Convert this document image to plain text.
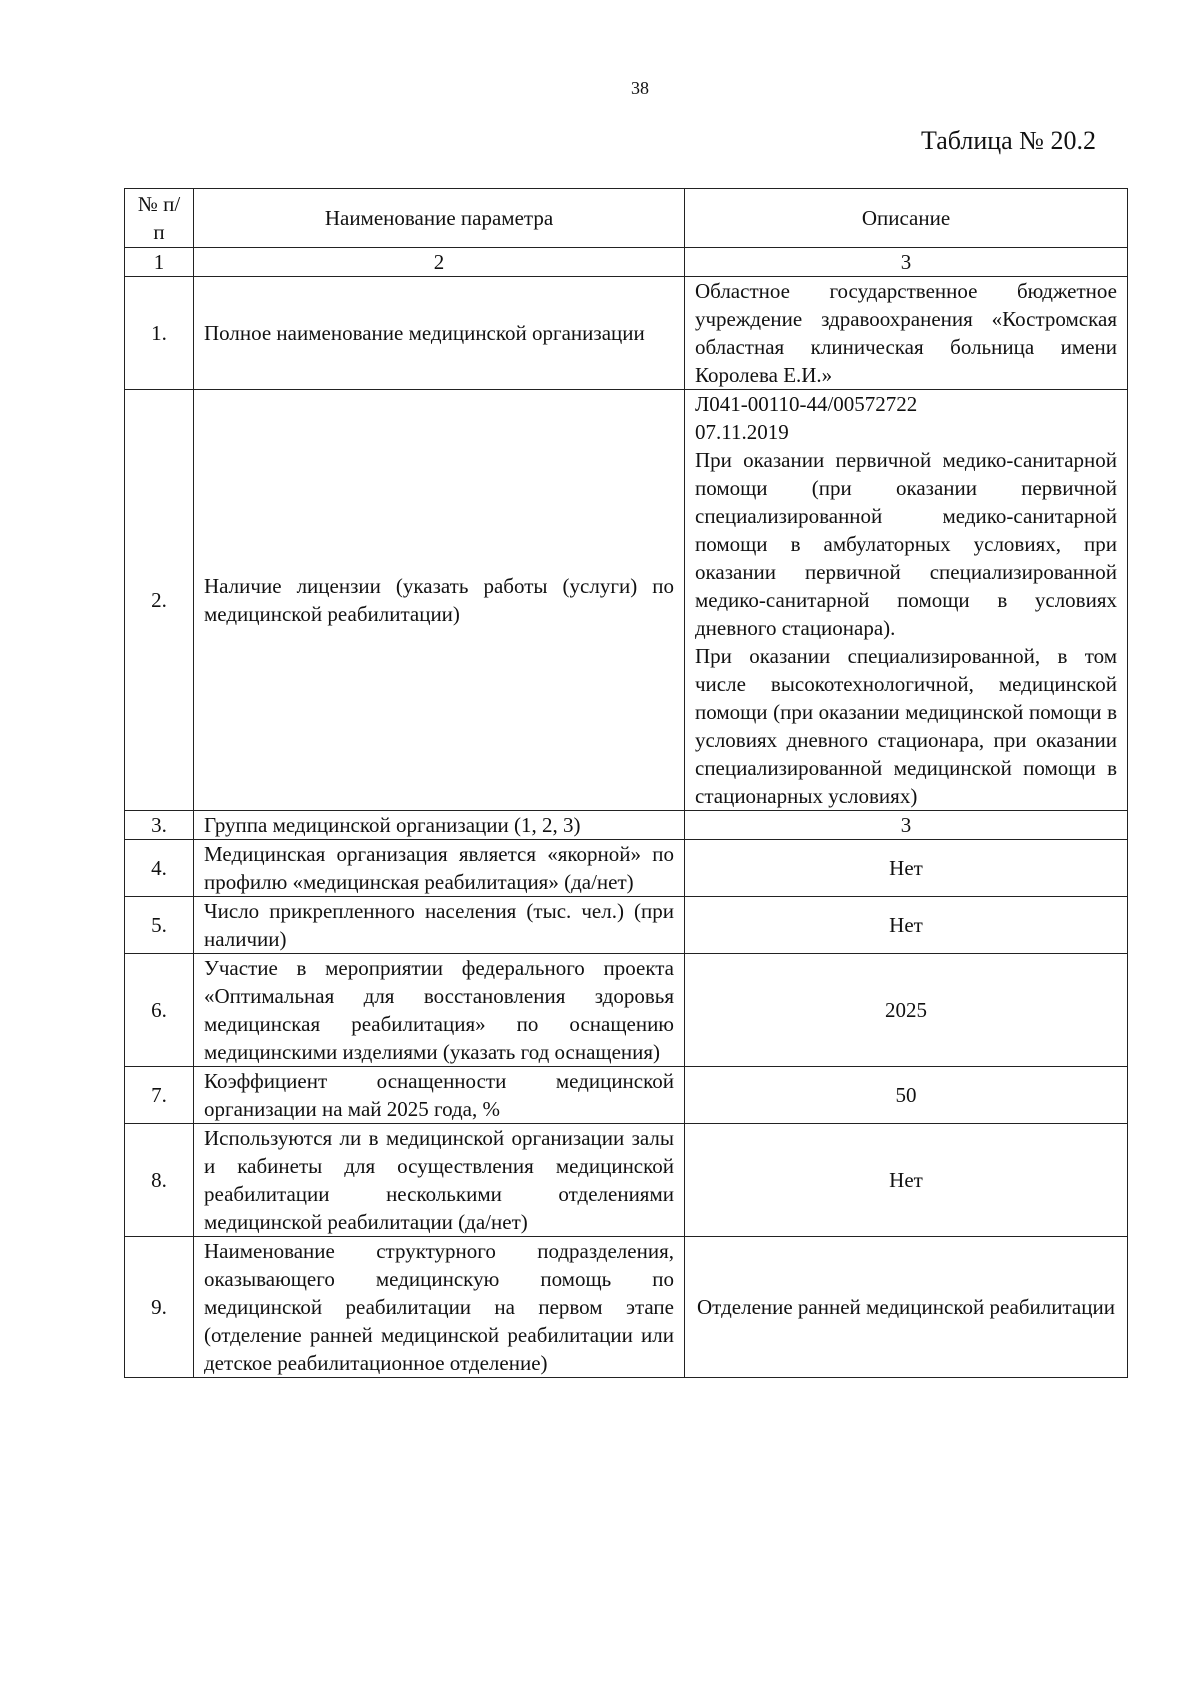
38
Таблица № 20.2
№ п/п	Наименование параметра	Описание
1	2	3
1.	Полное наименование медицинской организации	Областное государственное бюджетное учреждение здравоохранения «Костромская областная клиническая больница имени Королева Е.И.»

2.	Наличие лицензии (указать работы (услуги) по медицинской реабилитации)	Л041-00110-44/00572722
07.11.2019
При оказании первичной медико-санитарной помощи (при оказании первичной специализированной медико-санитарной помощи в амбулаторных условиях, при оказании первичной специализированной медико-санитарной помощи в условиях дневного стационара).
При оказании специализированной, в том числе высокотехнологичной, медицинской помощи (при оказании медицинской помощи в условиях дневного стационара, при оказании специализированной медицинской помощи в стационарных условиях)

3.	Группа медицинской организации (1, 2, 3)	3
4.	Медицинская организация является «якорной» по профилю «медицинская реабилитация» (да/нет)	Нет
5.	Число прикрепленного населения (тыс. чел.) (при наличии)	Нет
6.	Участие в мероприятии федерального проекта «Оптимальная для восстановления здоровья медицинская реабилитация» по оснащению медицинскими изделиями (указать год оснащения)	2025
7.	Коэффициент оснащенности медицинской организации на май 2025 года, %	50
8.	Используются ли в медицинской организации залы и кабинеты для осуществления медицинской реабилитации несколькими отделениями медицинской реабилитации (да/нет)	Нет
9.	Наименование структурного подразделения, оказывающего медицинскую помощь по медицинской реабилитации на первом этапе (отделение ранней медицинской реабилитации или детское реабилитационное отделение)	Отделение ранней медицинской реабилитации
